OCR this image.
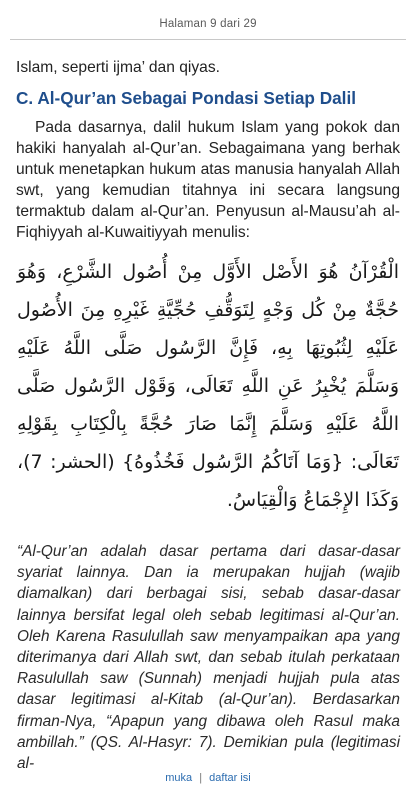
Halaman 9 dari 29

Islam, seperti ijma’ dan qiyas.

C. Al-Qur’an Sebagai Pondasi Setiap Dalil

Pada dasarnya, dalil hukum Islam yang pokok dan hakiki hanyalah al-Qur’an. Sebagaimana yang berhak untuk menetapkan hukum atas manusia hanyalah Allah swt, yang kemudian titahnya ini secara langsung termaktub dalam al-Qur’an. Penyusun al-Mausu’ah al-Fiqhiyyah al-Kuwaitiyyah menulis:

الْقُرْآنُ هُوَ الأَصْل الأَوَّل مِنْ أُصُول الشَّرْعِ، وَهُوَ حُجَّةٌ مِنْ كُل وَجْهٍ لِتَوَقُّفِ حُجِّيَّةِ غَيْرِهِ مِنَ الأُصُول عَلَيْهِ لِثُبُوتِهَا بِهِ، فَإِنَّ الرَّسُول صَلَّى اللَّهُ عَلَيْهِ وَسَلَّمَ يُخْبِرُ عَنِ اللَّهِ تَعَالَى، وَقَوْل الرَّسُول صَلَّى اللَّهُ عَلَيْهِ وَسَلَّمَ إِنَّمَا صَارَ حُجَّةً بِالْكِتَابِ بِقَوْلِهِ تَعَالَى: {وَمَا آتَاكُمُ الرَّسُول فَخُذُوهُ} (الحشر: 7)، وَكَذَا الإِجْمَاعُ وَالْقِيَاسُ.

“Al-Qur’an adalah dasar pertama dari dasar-dasar syariat lainnya. Dan ia merupakan hujjah (wajib diamalkan) dari berbagai sisi, sebab dasar-dasar lainnya bersifat legal oleh sebab legitimasi al-Qur’an. Oleh Karena Rasulullah saw menyampaikan apa yang diterimanya dari Allah swt, dan sebab itulah perkataan Rasulullah saw (Sunnah) menjadi hujjah pula atas dasar legitimasi al-Kitab (al-Qur’an). Berdasarkan firman-Nya, “Apapun yang dibawa oleh Rasul maka ambillah.” (QS. Al-Hasyr: 7). Demikian pula (legitimasi al-

muka | daftar isi
